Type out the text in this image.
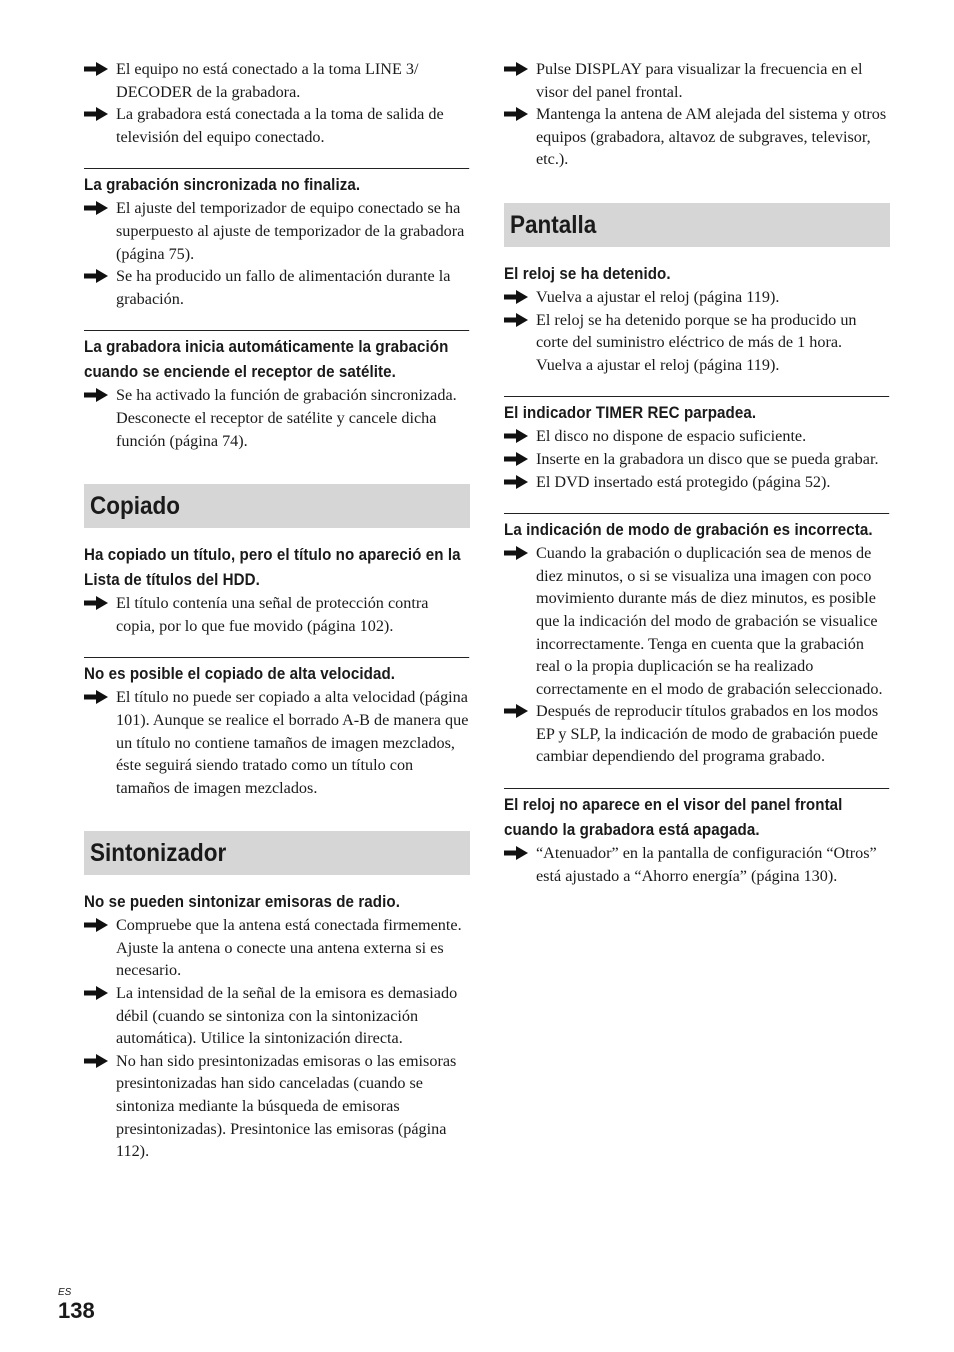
El equipo no está conectado a la toma LINE 3/ DECODER de la grabadora.
La grabadora está conectada a la toma de salida de televisión del equipo conectado.
La grabación sincronizada no finaliza.
El ajuste del temporizador de equipo conectado se ha superpuesto al ajuste de temporizador de la grabadora (página 75).
Se ha producido un fallo de alimentación durante la grabación.
La grabadora inicia automáticamente la grabación cuando se enciende el receptor de satélite.
Se ha activado la función de grabación sincronizada. Desconecte el receptor de satélite y cancele dicha función (página 74).
Copiado
Ha copiado un título, pero el título no apareció en la Lista de títulos del HDD.
El título contenía una señal de protección contra copia, por lo que fue movido (página 102).
No es posible el copiado de alta velocidad.
El título no puede ser copiado a alta velocidad (página 101). Aunque se realice el borrado A-B de manera que un título no contiene tamaños de imagen mezclados, éste seguirá siendo tratado como un título con tamaños de imagen mezclados.
Sintonizador
No se pueden sintonizar emisoras de radio.
Compruebe que la antena está conectada firmemente. Ajuste la antena o conecte una antena externa si es necesario.
La intensidad de la señal de la emisora es demasiado débil (cuando se sintoniza con la sintonización automática). Utilice la sintonización directa.
No han sido presintonizadas emisoras o las emisoras presintonizadas han sido canceladas (cuando se sintoniza mediante la búsqueda de emisoras presintonizadas). Presintonice las emisoras (página 112).
Pulse DISPLAY para visualizar la frecuencia en el visor del panel frontal.
Mantenga la antena de AM alejada del sistema y otros equipos (grabadora, altavoz de subgraves, televisor, etc.).
Pantalla
El reloj se ha detenido.
Vuelva a ajustar el reloj (página 119).
El reloj se ha detenido porque se ha producido un corte del suministro eléctrico de más de 1 hora. Vuelva a ajustar el reloj (página 119).
El indicador TIMER REC parpadea.
El disco no dispone de espacio suficiente.
Inserte en la grabadora un disco que se pueda grabar.
El DVD insertado está protegido (página 52).
La indicación de modo de grabación es incorrecta.
Cuando la grabación o duplicación sea de menos de diez minutos, o si se visualiza una imagen con poco movimiento durante más de diez minutos, es posible que la indicación del modo de grabación se visualice incorrectamente. Tenga en cuenta que la grabación real o la propia duplicación se ha realizado correctamente en el modo de grabación seleccionado.
Después de reproducir títulos grabados en los modos EP y SLP, la indicación de modo de grabación puede cambiar dependiendo del programa grabado.
El reloj no aparece en el visor del panel frontal cuando la grabadora está apagada.
“Atenuador” en la pantalla de configuración “Otros” está ajustado a “Ahorro energía” (página 130).
ES
138
